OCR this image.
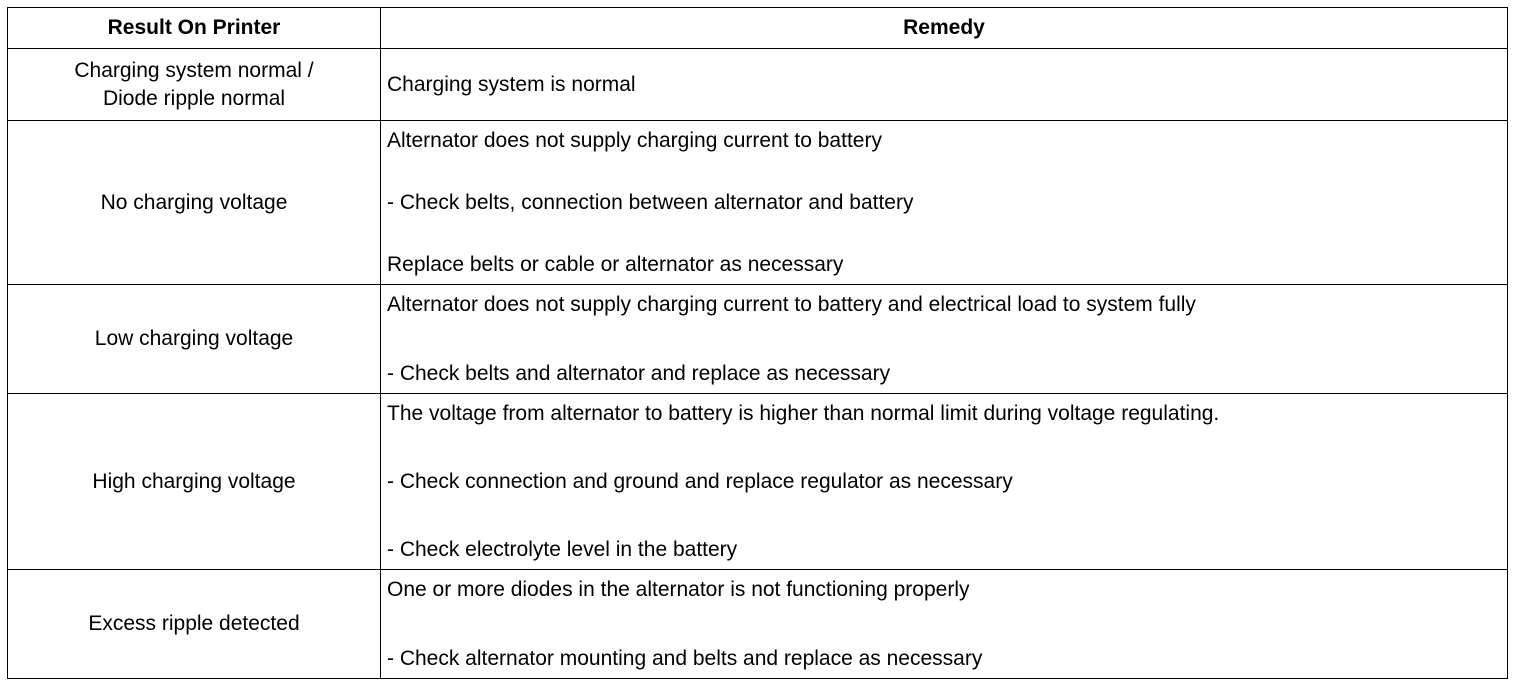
Result On Printer	Remedy

Charging system normal /
Diode ripple normal	Charging system is normal

No charging voltage	Alternator does not supply charging current to battery
- Check belts, connection between alternator and battery
Replace belts or cable or alternator as necessary

Low charging voltage	Alternator does not supply charging current to battery and electrical load to system fully
- Check belts and alternator and replace as necessary

High charging voltage	The voltage from alternator to battery is higher than normal limit during voltage regulating.
- Check connection and ground and replace regulator as necessary
- Check electrolyte level in the battery

Excess ripple detected	One or more diodes in the alternator is not functioning properly
- Check alternator mounting and belts and replace as necessary
